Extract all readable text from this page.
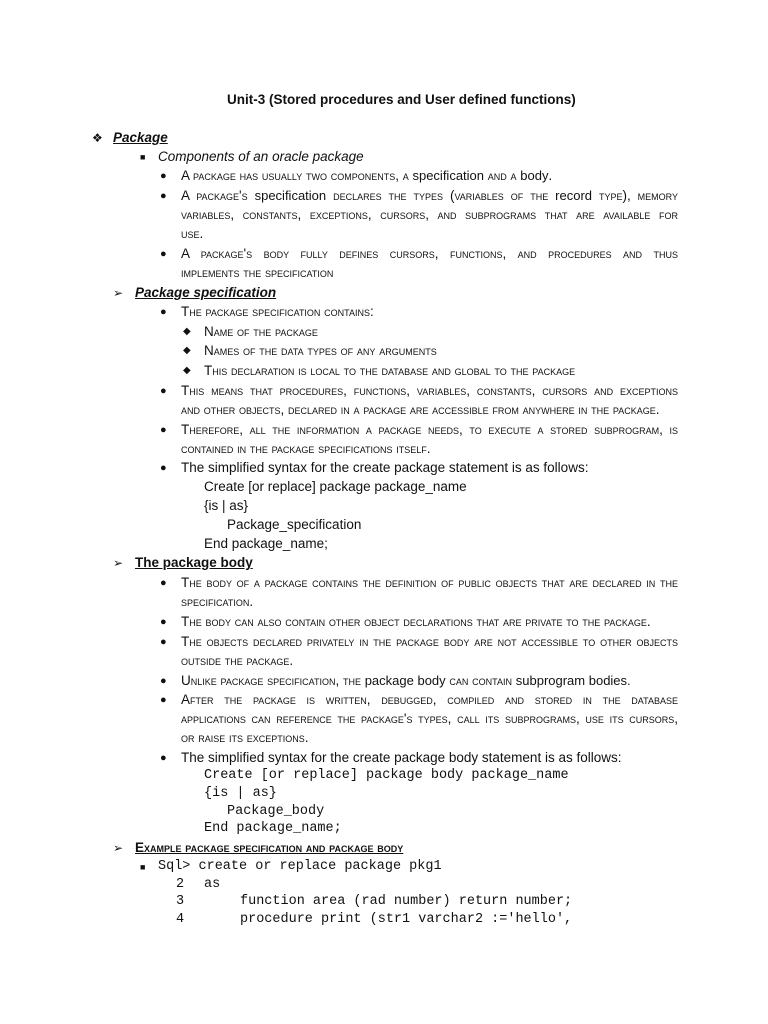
Unit-3 (Stored procedures and User defined functions)
❖ Package
■ Components of an oracle package
● A package has usually two components, a specification and a body.
● A package's specification declares the types (variables of the record type), memory
variables, constants, exceptions, cursors, and subprograms that are available for
use.
● A package's body fully defines cursors, functions, and procedures and thus
implements the specification
➢ Package specification
● The package specification contains:
◆ Name of the package
◆ Names of the data types of any arguments
◆ This declaration is local to the database and global to the package
● This means that procedures, functions, variables, constants, cursors and exceptions
and other objects, declared in a package are accessible from anywhere in the package.
● Therefore, all the information a package needs, to execute a stored subprogram, is
contained in the package specifications itself.
● The simplified syntax for the create package statement is as follows:
Create [or replace] package package_name
{is | as}
Package_specification
End package_name;
➢ The package body
● The body of a package contains the definition of public objects that are declared in the
specification.
● The body can also contain other object declarations that are private to the package.
● The objects declared privately in the package body are not accessible to other objects
outside the package.
● Unlike package specification, the package body can contain subprogram bodies.
● After the package is written, debugged, compiled and stored in the database
applications can reference the package's types, call its subprograms, use its cursors,
or raise its exceptions.
● The simplified syntax for the create package body statement is as follows:
Create [or replace] package body package_name
{is | as}
Package_body
End package_name;
➢ Example package specification and package body
■ Sql> create or replace package pkg1
2 as
3	function area (rad number) return number;
4	procedure print (str1 varchar2 :='hello',
